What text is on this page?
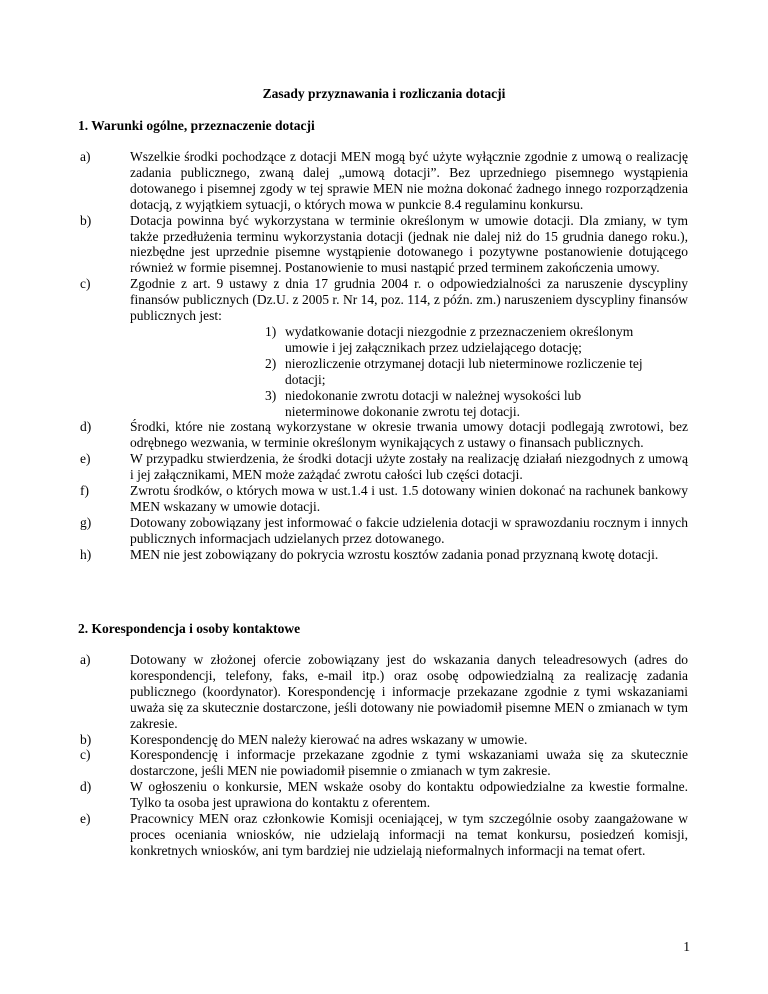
Zasady przyznawania i rozliczania dotacji
1. Warunki ogólne, przeznaczenie dotacji
a)	Wszelkie środki pochodzące z dotacji MEN mogą być użyte wyłącznie zgodnie z umową o realizację zadania publicznego, zwaną dalej „umową dotacji”. Bez uprzedniego pisemnego wystąpienia dotowanego i pisemnej zgody w tej sprawie MEN nie można dokonać żadnego innego rozporządzenia dotacją, z wyjątkiem sytuacji, o których mowa w punkcie 8.4 regulaminu konkursu.
b)	Dotacja powinna być wykorzystana w terminie określonym w umowie dotacji. Dla zmiany, w tym także przedłużenia terminu wykorzystania dotacji (jednak nie dalej niż do 15 grudnia danego roku.), niezbędne jest uprzednie pisemne wystąpienie dotowanego i pozytywne postanowienie dotującego również w formie pisemnej. Postanowienie to musi nastąpić przed terminem zakończenia umowy.
c)	Zgodnie z art. 9 ustawy z dnia 17 grudnia 2004 r. o odpowiedzialności za naruszenie dyscypliny finansów publicznych (Dz.U. z 2005 r. Nr 14, poz. 114, z późn. zm.) naruszeniem dyscypliny finansów publicznych jest:
1) wydatkowanie dotacji niezgodnie z przeznaczeniem określonym umowie i jej załącznikach przez udzielającego dotację;
2) nierozliczenie otrzymanej dotacji lub nieterminowe rozliczenie tej dotacji;
3) niedokonanie zwrotu dotacji w należnej wysokości lub nieterminowe dokonanie zwrotu tej dotacji.
d)	Środki, które nie zostaną wykorzystane w okresie trwania umowy dotacji podlegają zwrotowi, bez odrębnego wezwania, w terminie określonym wynikających z ustawy o finansach publicznych.
e)	W przypadku stwierdzenia, że środki dotacji użyte zostały na realizację działań niezgodnych z umową i jej załącznikami, MEN może zażądać zwrotu całości lub części dotacji.
f)	Zwrotu środków, o których mowa w ust.1.4 i ust. 1.5 dotowany winien dokonać na rachunek bankowy MEN wskazany w umowie dotacji.
g)	Dotowany zobowiązany jest informować o fakcie udzielenia dotacji w sprawozdaniu rocznym i innych publicznych informacjach udzielanych przez dotowanego.
h)	MEN nie jest zobowiązany do pokrycia wzrostu kosztów zadania ponad przyznaną kwotę dotacji.
2. Korespondencja i osoby kontaktowe
a)	Dotowany w złożonej ofercie zobowiązany jest do wskazania danych teleadresowych (adres do korespondencji, telefony, faks, e-mail itp.) oraz osobę odpowiedzialną za realizację zadania publicznego (koordynator). Korespondencję i informacje przekazane zgodnie z tymi wskazaniami uważa się za skutecznie dostarczone, jeśli dotowany nie powiadomił pisemne MEN o zmianach w tym zakresie.
b)	Korespondencję do MEN należy kierować na adres wskazany w umowie.
c)	Korespondencję i informacje przekazane zgodnie z tymi wskazaniami uważa się za skutecznie dostarczone, jeśli MEN nie powiadomił pisemnie o zmianach w tym zakresie.
d)	W ogłoszeniu o konkursie, MEN wskaże osoby do kontaktu odpowiedzialne za kwestie formalne. Tylko ta osoba jest uprawiona do kontaktu z oferentem.
e)	Pracownicy MEN oraz członkowie Komisji oceniającej, w tym szczególnie osoby zaangażowane w proces oceniania wniosków, nie udzielają informacji na temat konkursu, posiedzeń komisji, konkretnych wniosków, ani tym bardziej nie udzielają nieformalnych informacji na temat ofert.
1
